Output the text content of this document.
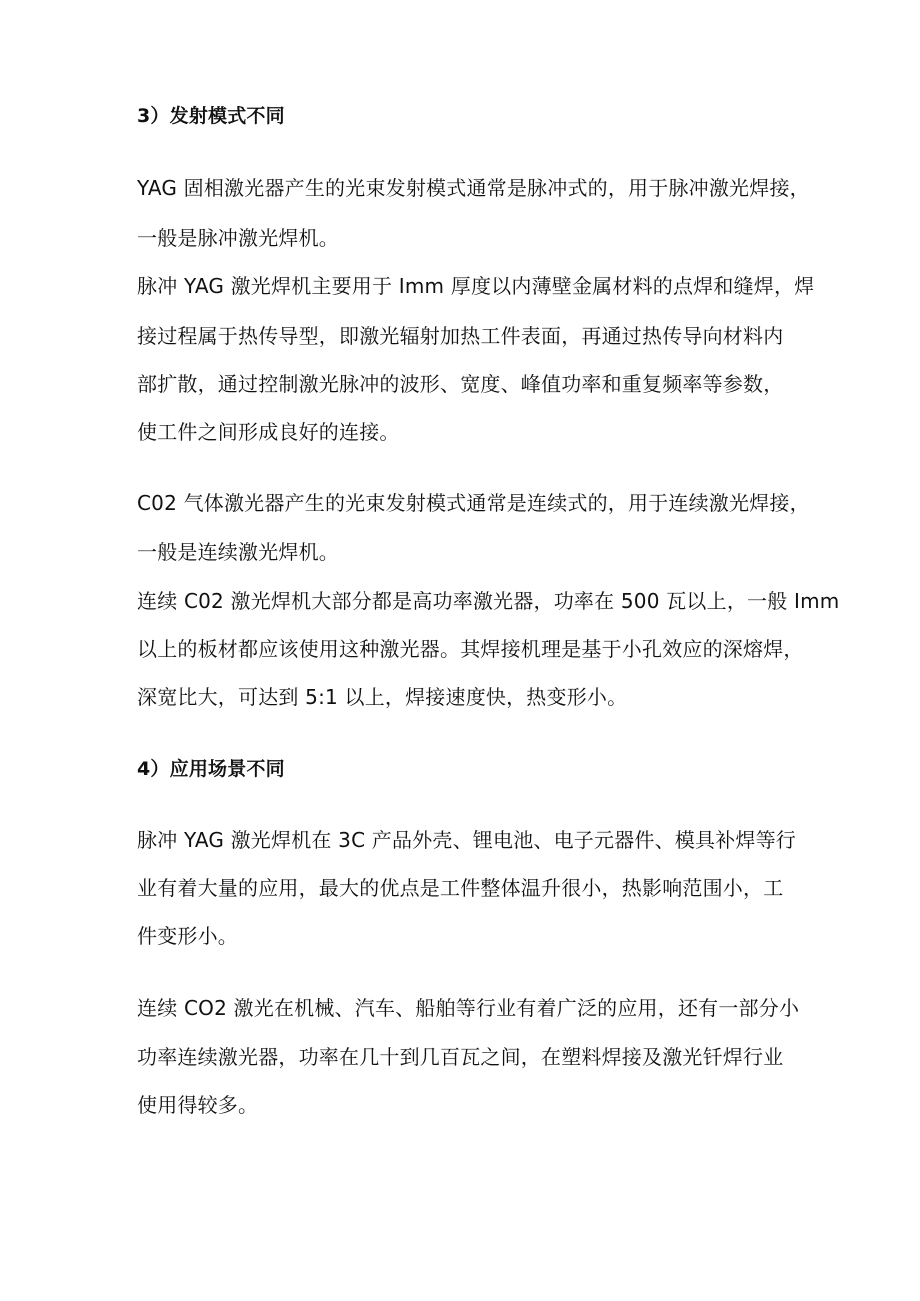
3）发射模式不同
YAG 固相激光器产生的光束发射模式通常是脉冲式的，用于脉冲激光焊接，
一般是脉冲激光焊机。
脉冲 YAG 激光焊机主要用于 Imm 厚度以内薄壁金属材料的点焊和缝焊，焊
接过程属于热传导型，即激光辐射加热工件表面，再通过热传导向材料内
部扩散，通过控制激光脉冲的波形、宽度、峰值功率和重复频率等参数，
使工件之间形成良好的连接。
C02 气体激光器产生的光束发射模式通常是连续式的，用于连续激光焊接，
一般是连续激光焊机。
连续 C02 激光焊机大部分都是高功率激光器，功率在 500 瓦以上，一般 Imm
以上的板材都应该使用这种激光器。其焊接机理是基于小孔效应的深熔焊，
深宽比大，可达到 5:1 以上，焊接速度快，热变形小。
4）应用场景不同
脉冲 YAG 激光焊机在 3C 产品外壳、锂电池、电子元器件、模具补焊等行
业有着大量的应用，最大的优点是工件整体温升很小，热影响范围小，工
件变形小。
连续 CO2 激光在机械、汽车、船舶等行业有着广泛的应用，还有一部分小
功率连续激光器，功率在几十到几百瓦之间，在塑料焊接及激光钎焊行业
使用得较多。
